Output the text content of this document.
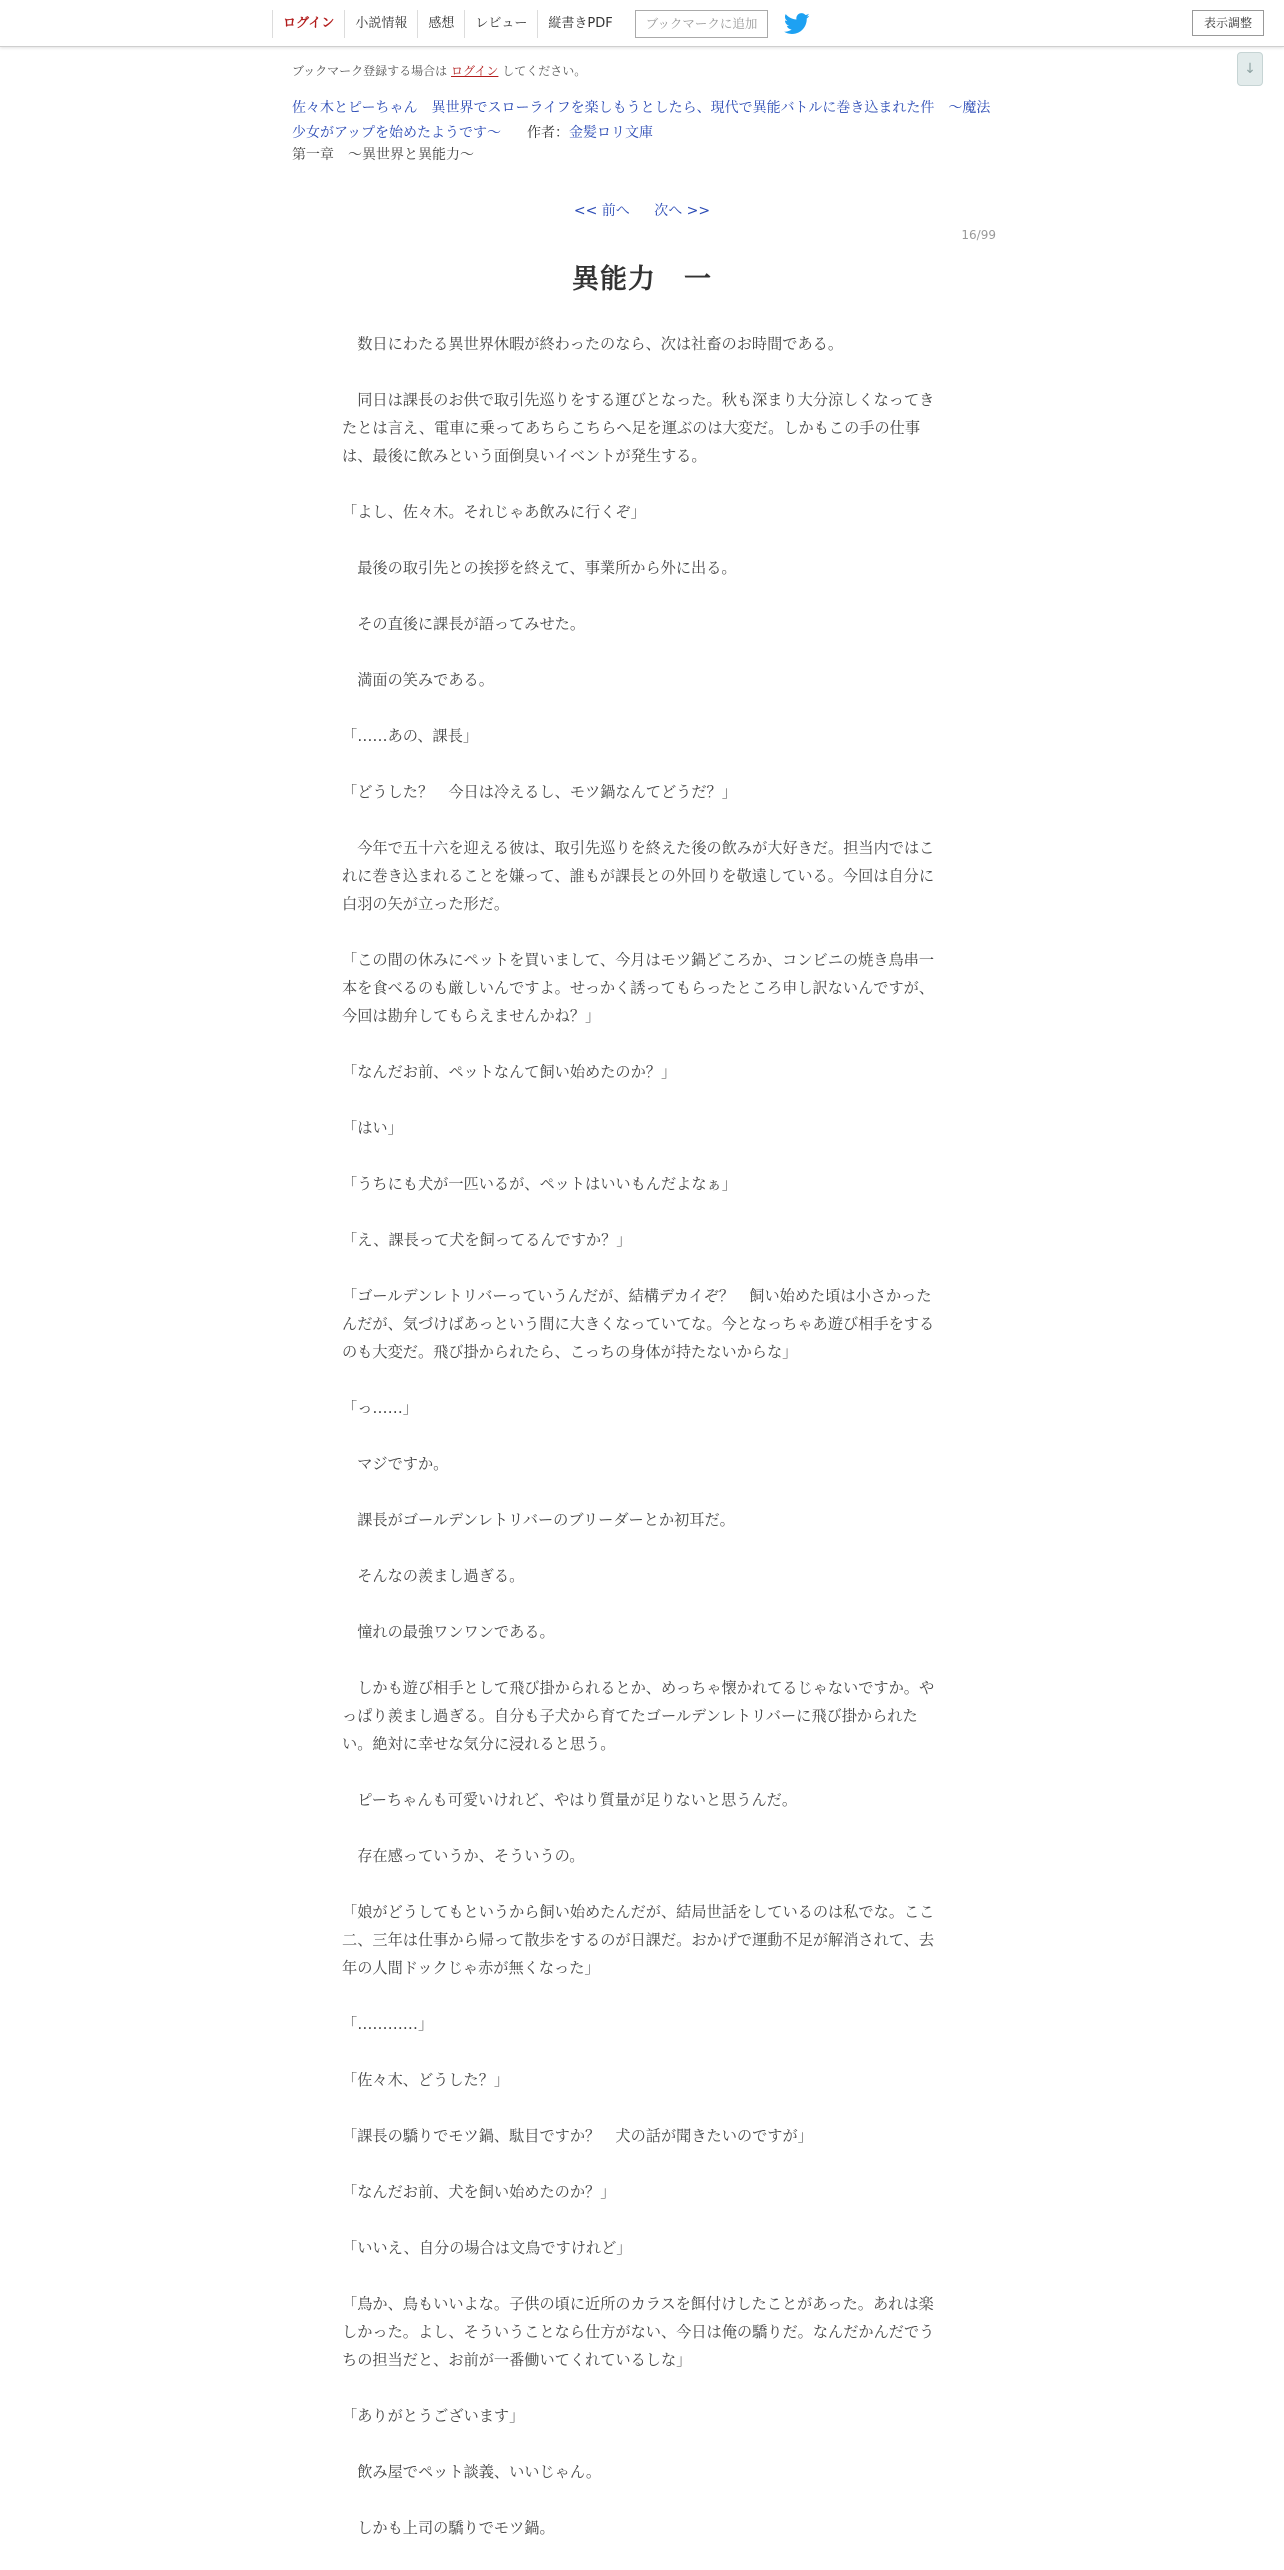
ログイン	小説情報	感想	レビュー	縦書きPDF	ブックマークに追加	表示調整
↓
ブックマーク登録する場合は ログイン してください。
佐々木とピーちゃん　異世界でスローライフを楽しもうとしたら、現代で異能バトルに巻き込まれた件　～魔法少女がアップを始めたようです～ 作者：金髪ロリ文庫
第一章　～異世界と異能力～
<< 前へ 次へ >>
16/99
異能力　一

　数日にわたる異世界休暇が終わったのなら、次は社畜のお時間である。

　同日は課長のお供で取引先巡りをする運びとなった。秋も深まり大分涼しくなってきたとは言え、電車に乗ってあちらこちらへ足を運ぶのは大変だ。しかもこの手の仕事は、最後に飲みという面倒臭いイベントが発生する。

「よし、佐々木。それじゃあ飲みに行くぞ」

　最後の取引先との挨拶を終えて、事業所から外に出る。

　その直後に課長が語ってみせた。

　満面の笑みである。

「……あの、課長」

「どうした？　今日は冷えるし、モツ鍋なんてどうだ？」

　今年で五十六を迎える彼は、取引先巡りを終えた後の飲みが大好きだ。担当内ではこれに巻き込まれることを嫌って、誰もが課長との外回りを敬遠している。今回は自分に白羽の矢が立った形だ。

「この間の休みにペットを買いまして、今月はモツ鍋どころか、コンビニの焼き鳥串一本を食べるのも厳しいんですよ。せっかく誘ってもらったところ申し訳ないんですが、今回は勘弁してもらえませんかね？」

「なんだお前、ペットなんて飼い始めたのか？」

「はい」

「うちにも犬が一匹いるが、ペットはいいもんだよなぁ」

「え、課長って犬を飼ってるんですか？」

「ゴールデンレトリバーっていうんだが、結構デカイぞ？　飼い始めた頃は小さかったんだが、気づけばあっという間に大きくなっていてな。今となっちゃあ遊び相手をするのも大変だ。飛び掛かられたら、こっちの身体が持たないからな」

「っ……」

　マジですか。

　課長がゴールデンレトリバーのブリーダーとか初耳だ。

　そんなの羨まし過ぎる。

　憧れの最強ワンワンである。

　しかも遊び相手として飛び掛かられるとか、めっちゃ懐かれてるじゃないですか。やっぱり羨まし過ぎる。自分も子犬から育てたゴールデンレトリバーに飛び掛かられたい。絶対に幸せな気分に浸れると思う。

　ピーちゃんも可愛いけれど、やはり質量が足りないと思うんだ。

　存在感っていうか、そういうの。

「娘がどうしてもというから飼い始めたんだが、結局世話をしているのは私でな。ここ二、三年は仕事から帰って散歩をするのが日課だ。おかげで運動不足が解消されて、去年の人間ドックじゃ赤が無くなった」

「…………」

「佐々木、どうした？」

「課長の驕りでモツ鍋、駄目ですか？　犬の話が聞きたいのですが」

「なんだお前、犬を飼い始めたのか？」

「いいえ、自分の場合は文鳥ですけれど」

「鳥か、鳥もいいよな。子供の頃に近所のカラスを餌付けしたことがあった。あれは楽しかった。よし、そういうことなら仕方がない、今日は俺の驕りだ。なんだかんだでうちの担当だと、お前が一番働いてくれているしな」

「ありがとうございます」

　飲み屋でペット談義、いいじゃん。

　しかも上司の驕りでモツ鍋。
